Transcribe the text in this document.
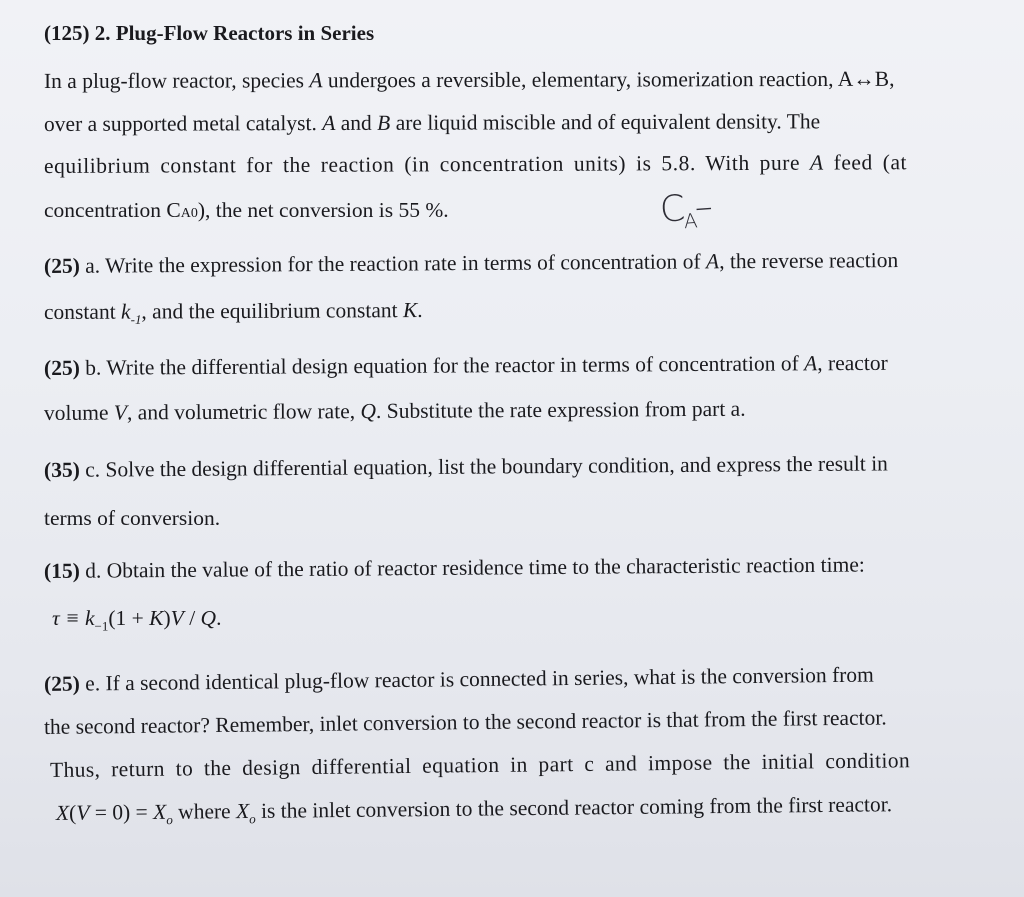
(125) 2. Plug-Flow Reactors in Series
In a plug-flow reactor, species A undergoes a reversible, elementary, isomerization reaction, A↔B,
over a supported metal catalyst. A and B are liquid miscible and of equivalent density. The
equilibrium constant for the reaction (in concentration units) is 5.8. With pure A feed (at
concentration CA0), the net conversion is 55 %.	$C_A-$
(25) a. Write the expression for the reaction rate in terms of concentration of A, the reverse reaction
constant $k_{-1}$, and the equilibrium constant K.
(25) b. Write the differential design equation for the reactor in terms of concentration of A, reactor
volume V, and volumetric flow rate, Q. Substitute the rate expression from part a.
(35) c. Solve the design differential equation, list the boundary condition, and express the result in
terms of conversion.
(15) d. Obtain the value of the ratio of reactor residence time to the characteristic reaction time:
$\tau \equiv k_{-1}(1 + K)V / Q$.
(25) e. If a second identical plug-flow reactor is connected in series, what is the conversion from
the second reactor? Remember, inlet conversion to the second reactor is that from the first reactor.
Thus, return to the design differential equation in part c and impose the initial condition
$X(V = 0) = X_o$ where $X_o$ is the inlet conversion to the second reactor coming from the first reactor.
